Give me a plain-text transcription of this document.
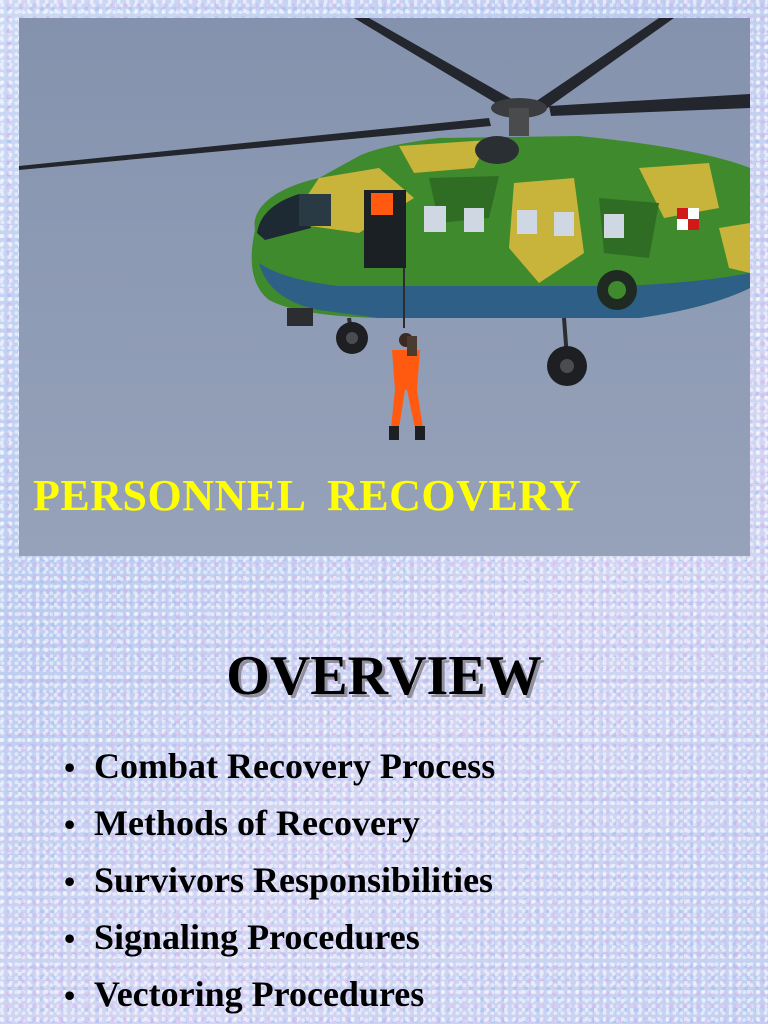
PERSONNEL  RECOVERY
OVERVIEW
• Combat Recovery Process
• Methods of Recovery
• Survivors Responsibilities
• Signaling Procedures
• Vectoring Procedures
